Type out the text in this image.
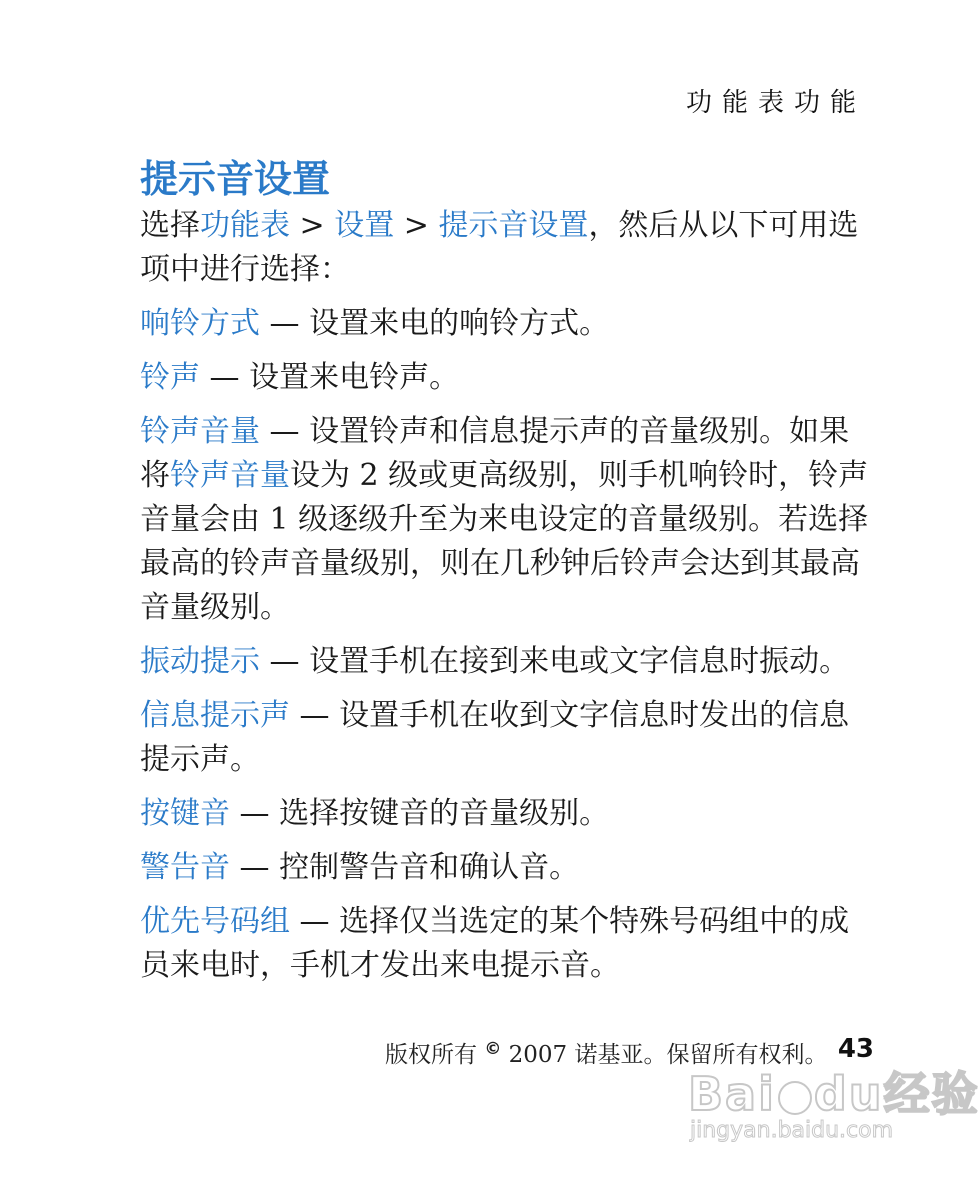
功能表功能
提示音设置

选择功能表 > 设置 > 提示音设置，然后从以下可用选项中进行选择：

响铃方式 — 设置来电的响铃方式。

铃声 — 设置来电铃声。

铃声音量 — 设置铃声和信息提示声的音量级别。如果将铃声音量设为 2 级或更高级别，则手机响铃时，铃声音量会由 1 级逐级升至为来电设定的音量级别。若选择最高的铃声音量级别，则在几秒钟后铃声会达到其最高音量级别。

振动提示 — 设置手机在接到来电或文字信息时振动。

信息提示声 — 设置手机在收到文字信息时发出的信息提示声。

按键音 — 选择按键音的音量级别。

警告音 — 控制警告音和确认音。

优先号码组 — 选择仅当选定的某个特殊号码组中的成员来电时，手机才发出来电提示音。

版权所有 © 2007 诺基亚。保留所有权利。 43
Bai du经验
jingyan.baidu.com
